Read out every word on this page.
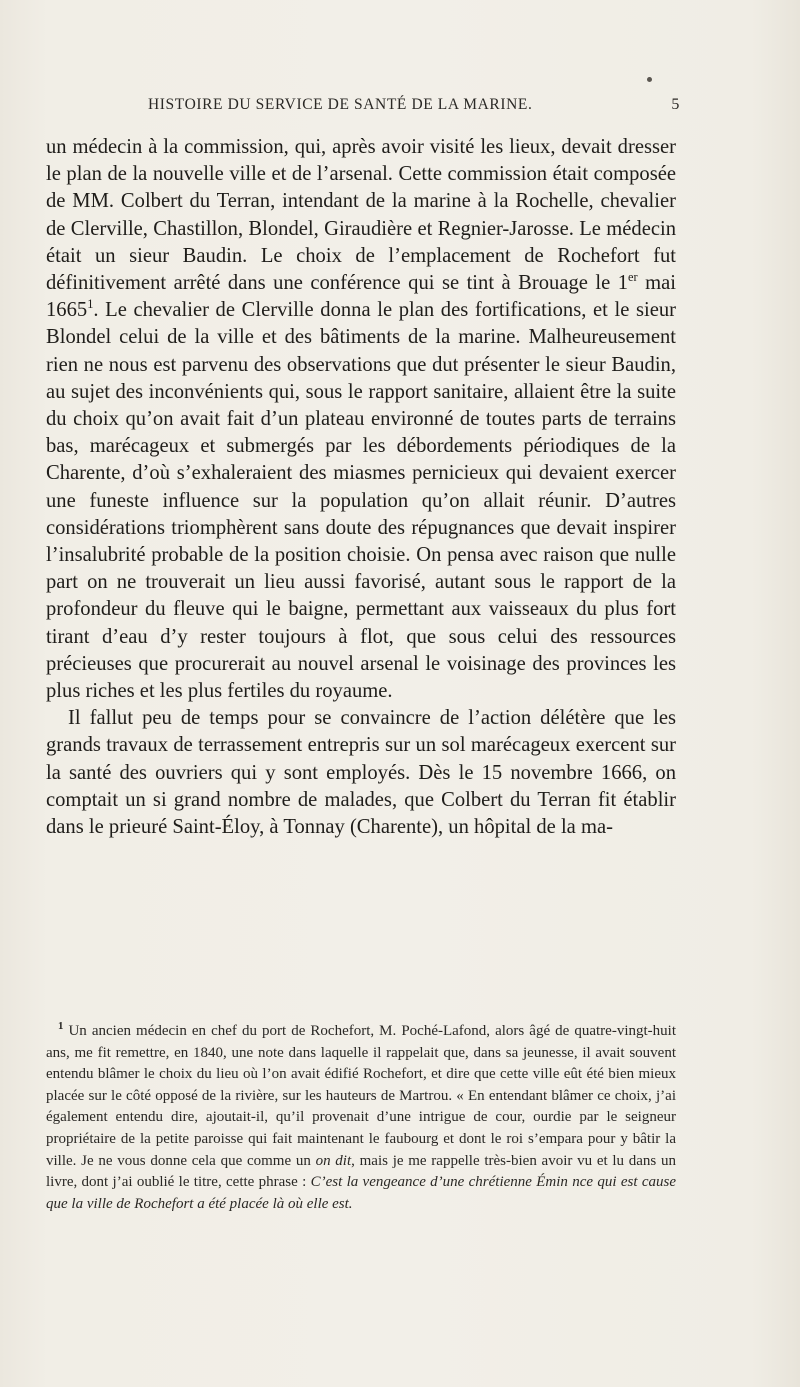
HISTOIRE DU SERVICE DE SANTÉ DE LA MARINE.	5

un médecin à la commission, qui, après avoir visité les lieux, devait dresser le plan de la nouvelle ville et de l’arsenal. Cette commission était composée de MM. Colbert du Terran, intendant de la marine à la Rochelle, chevalier de Clerville, Chastillon, Blondel, Giraudière et Regnier-Jarosse. Le médecin était un sieur Baudin. Le choix de l’emplacement de Rochefort fut définitivement arrêté dans une conférence qui se tint à Brouage le 1er mai 1665$^1$. Le chevalier de Clerville donna le plan des fortifications, et le sieur Blondel celui de la ville et des bâtiments de la marine. Malheureusement rien ne nous est parvenu des observations que dut présenter le sieur Baudin, au sujet des inconvénients qui, sous le rapport sanitaire, allaient être la suite du choix qu’on avait fait d’un plateau environné de toutes parts de terrains bas, marécageux et submergés par les débordements périodiques de la Charente, d’où s’exhaleraient des miasmes pernicieux qui devaient exercer une funeste influence sur la population qu’on allait réunir. D’autres considérations triomphèrent sans doute des répugnances que devait inspirer l’insalubrité probable de la position choisie. On pensa avec raison que nulle part on ne trouverait un lieu aussi favorisé, autant sous le rapport de la profondeur du fleuve qui le baigne, permettant aux vaisseaux du plus fort tirant d’eau d’y rester toujours à flot, que sous celui des ressources précieuses que procurerait au nouvel arsenal le voisinage des provinces les plus riches et les plus fertiles du royaume.

Il fallut peu de temps pour se convaincre de l’action délétère que les grands travaux de terrassement entrepris sur un sol marécageux exercent sur la santé des ouvriers qui y sont employés. Dès le 15 novembre 1666, on comptait un si grand nombre de malades, que Colbert du Terran fit établir dans le prieuré Saint-Éloy, à Tonnay (Charente), un hôpital de la ma-

$^1$ Un ancien médecin en chef du port de Rochefort, M. Poché-Lafond, alors âgé de quatre-vingt-huit ans, me fit remettre, en 1840, une note dans laquelle il rappelait que, dans sa jeunesse, il avait souvent entendu blâmer le choix du lieu où l’on avait édifié Rochefort, et dire que cette ville eût été bien mieux placée sur le côté opposé de la rivière, sur les hauteurs de Martrou. « En entendant blâmer ce choix, j’ai également entendu dire, ajoutait-il, qu’il provenait d’une intrigue de cour, ourdie par le seigneur propriétaire de la petite paroisse qui fait maintenant le faubourg et dont le roi s’empara pour y bâtir la ville. Je ne vous donne cela que comme un on dit, mais je me rappelle très-bien avoir vu et lu dans un livre, dont j’ai oublié le titre, cette phrase : C’est la vengeance d’une chrétienne Émin nce qui est cause que la ville de Rochefort a été placée là où elle est.
